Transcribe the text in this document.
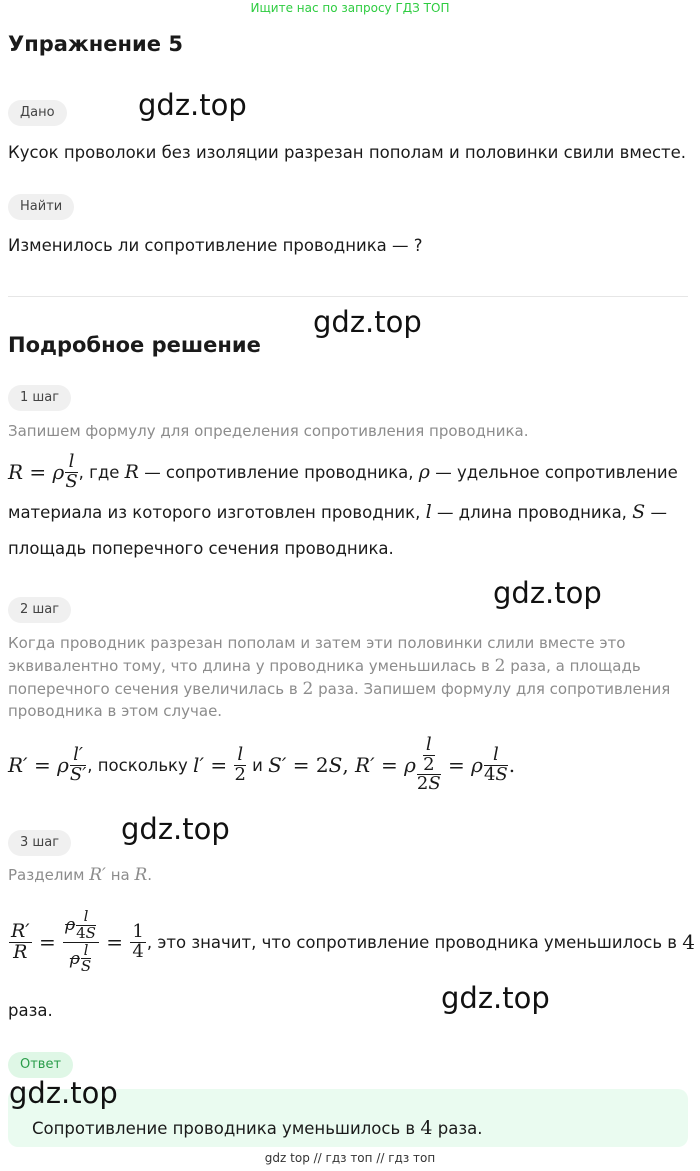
Ищите нас по запросу ГДЗ ТОП
Упражнение 5
Дано	gdz.top
Кусок проволоки без изоляции разрезан пополам и половинки свили вместе.
Найти
Изменилось ли сопротивление проводника — ?
gdz.top
Подробное решение
1 шаг
Запишем формулу для определения сопротивления проводника.
R = ρ $\frac{l}{S}$ , где
R
— сопротивление проводника,
ρ
— удельное сопротивление
материала из которого изготовлен проводник, l — длина проводника, S —
площадь поперечного сечения проводника.
gdz.top
2 шаг
Когда проводник разрезан пополам и затем эти половинки слили вместе это
эквивалентно тому, что длина у проводника уменьшилась в 2 раза, а площадь
поперечного сечения увеличилась в 2 раза. Запишем формулу для сопротивления
проводника в этом случае.
R′ = ρ $\frac{l'}{S'}$ , поскольку
$l' = \frac{l}{2}$
и
S′ = 2 S , R′ = ρ $\frac{\frac{l}{2}}{2S} = \rho \frac{l}{4S}$ .
gdz.top
3 шаг
Разделим R′ на R.
$\frac{R'}{R} = \frac{\rho \frac{l}{4S}}{\rho \frac{l}{S}} = \frac{1}{4}$ , это значит, что сопротивление проводника уменьшилось в
4
раза.	gdz.top
Ответ
gdz.top
Сопротивление проводника уменьшилось в 4 раза.
gdz top // гдз топ // гдз топ
